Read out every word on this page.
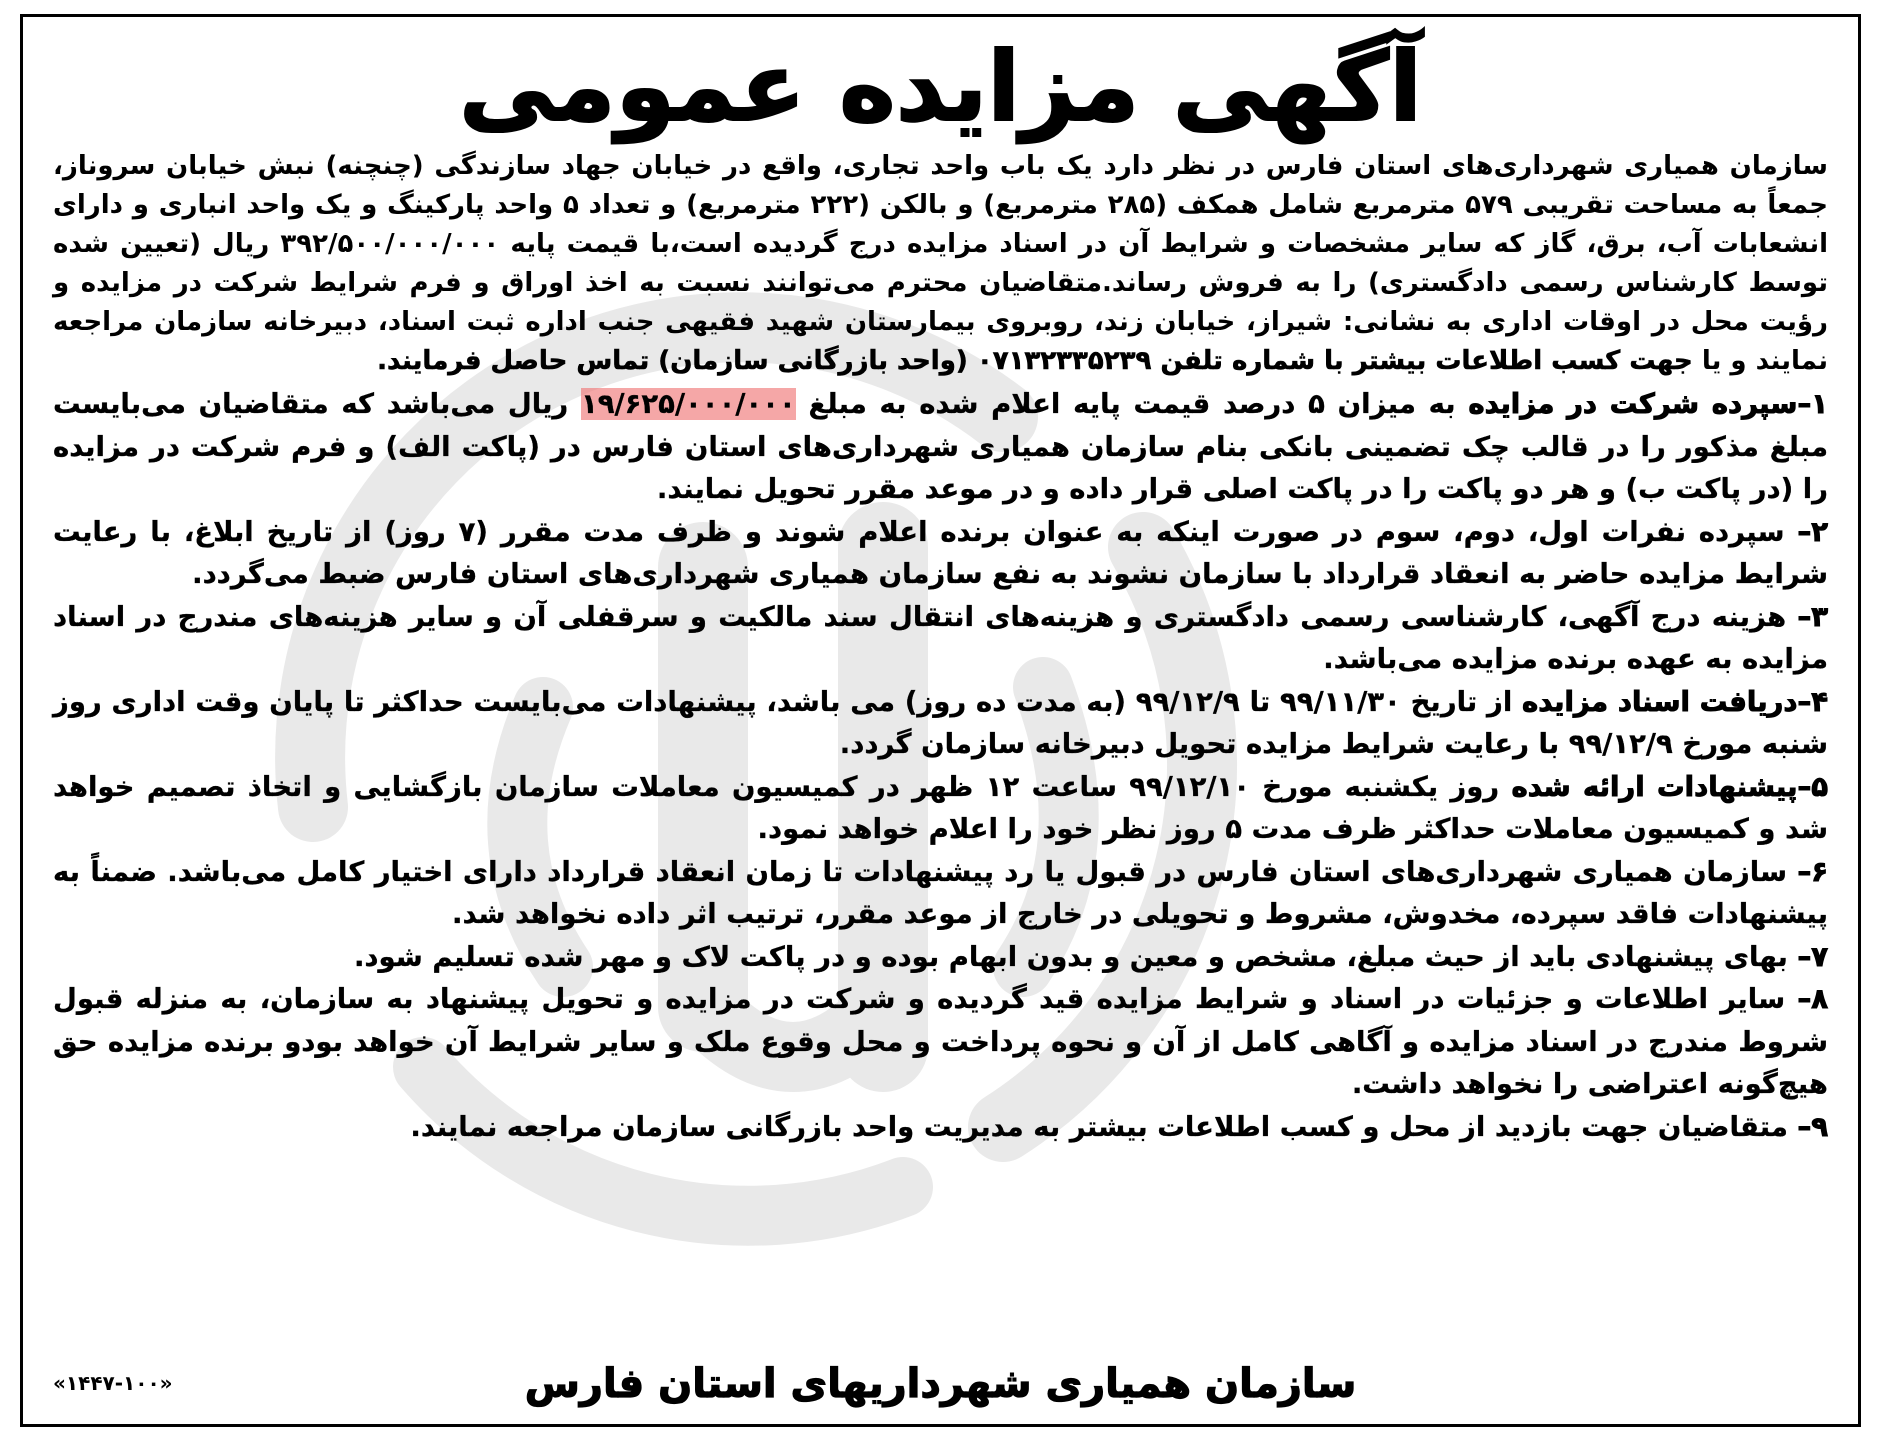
آگهی مزایده عمومی
سازمان همیاری شهرداری‌های استان فارس در نظر دارد یک باب واحد تجاری، واقع در خیابان جهاد سازندگی (چنچنه) نبش خیابان سروناز، جمعاً به مساحت تقریبی ۵۷۹ مترمربع شامل همکف (۲۸۵ مترمربع) و بالکن (۲۲۲ مترمربع) و تعداد ۵ واحد پارکینگ و یک واحد انباری و دارای انشعابات آب، برق، گاز که سایر مشخصات و شرایط آن در اسناد مزایده درج گردیده است،با قیمت پایه ۳۹۲/۵۰۰/۰۰۰/۰۰۰ ریال (تعیین شده توسط کارشناس رسمی دادگستری) را به فروش رساند.متقاضیان محترم می‌توانند نسبت به اخذ اوراق و فرم شرایط شرکت در مزایده و رؤیت محل در اوقات اداری به نشانی: شیراز، خیابان زند، روبروی بیمارستان شهید فقیهی جنب اداره ثبت اسناد، دبیرخانه سازمان مراجعه نمایند و یا جهت کسب اطلاعات بیشتر با شماره تلفن ۰۷۱۳۲۳۳۵۲۳۹ (واحد بازرگانی سازمان) تماس حاصل فرمایند.
۱–سپرده شرکت در مزایده به میزان ۵ درصد قیمت پایه اعلام شده به مبلغ ۱۹/۶۲۵/۰۰۰/۰۰۰ ریال می‌باشد که متقاضیان می‌بایست مبلغ مذکور را در قالب چک تضمینی بانکی بنام سازمان همیاری شهرداری‌های استان فارس در (پاکت الف) و فرم شرکت در مزایده را (در پاکت ب) و هر دو پاکت را در پاکت اصلی قرار داده و در موعد مقرر تحویل نمایند.
۲– سپرده نفرات اول، دوم، سوم در صورت اینکه به عنوان برنده اعلام شوند و ظرف مدت مقرر (۷ روز) از تاریخ ابلاغ، با رعایت شرایط مزایده حاضر به انعقاد قرارداد با سازمان نشوند به نفع سازمان همیاری شهرداری‌های استان فارس ضبط می‌گردد.
۳– هزینه درج آگهی، کارشناسی رسمی دادگستری و هزینه‌های انتقال سند مالکیت و سرقفلی آن و سایر هزینه‌های مندرج در اسناد مزایده به عهده برنده مزایده می‌باشد.
۴–دریافت اسناد مزایده از تاریخ ۹۹/۱۱/۳۰ تا ۹۹/۱۲/۹ (به مدت ده روز) می باشد، پیشنهادات می‌بایست حداکثر تا پایان وقت اداری روز شنبه مورخ ۹۹/۱۲/۹ با رعایت شرایط مزایده تحویل دبیرخانه سازمان گردد.
۵–پیشنهادات ارائه شده روز یکشنبه مورخ ۹۹/۱۲/۱۰ ساعت ۱۲ ظهر در کمیسیون معاملات سازمان بازگشایی و اتخاذ تصمیم خواهد شد و کمیسیون معاملات حداکثر ظرف مدت ۵ روز نظر خود را اعلام خواهد نمود.
۶– سازمان همیاری شهرداری‌های استان فارس در قبول یا رد پیشنهادات تا زمان انعقاد قرارداد دارای اختیار کامل می‌باشد. ضمناً به پیشنهادات فاقد سپرده، مخدوش، مشروط و تحویلی در خارج از موعد مقرر، ترتیب اثر داده نخواهد شد.
۷– بهای پیشنهادی باید از حیث مبلغ، مشخص و معین و بدون ابهام بوده و در پاکت لاک و مهر شده تسلیم شود.
۸– سایر اطلاعات و جزئیات در اسناد و شرایط مزایده قید گردیده و شرکت در مزایده و تحویل پیشنهاد به سازمان، به منزله قبول شروط مندرج در اسناد مزایده و آگاهی کامل از آن و نحوه پرداخت و محل وقوع ملک و سایر شرایط آن خواهد بودو برنده مزایده حق هیچ‌گونه اعتراضی را نخواهد داشت.
۹– متقاضیان جهت بازدید از محل و کسب اطلاعات بیشتر به مدیریت واحد بازرگانی سازمان مراجعه نمایند.
سازمان همیاری شهرداریهای استان فارس
«۱۴۴۷-۱۰۰»
